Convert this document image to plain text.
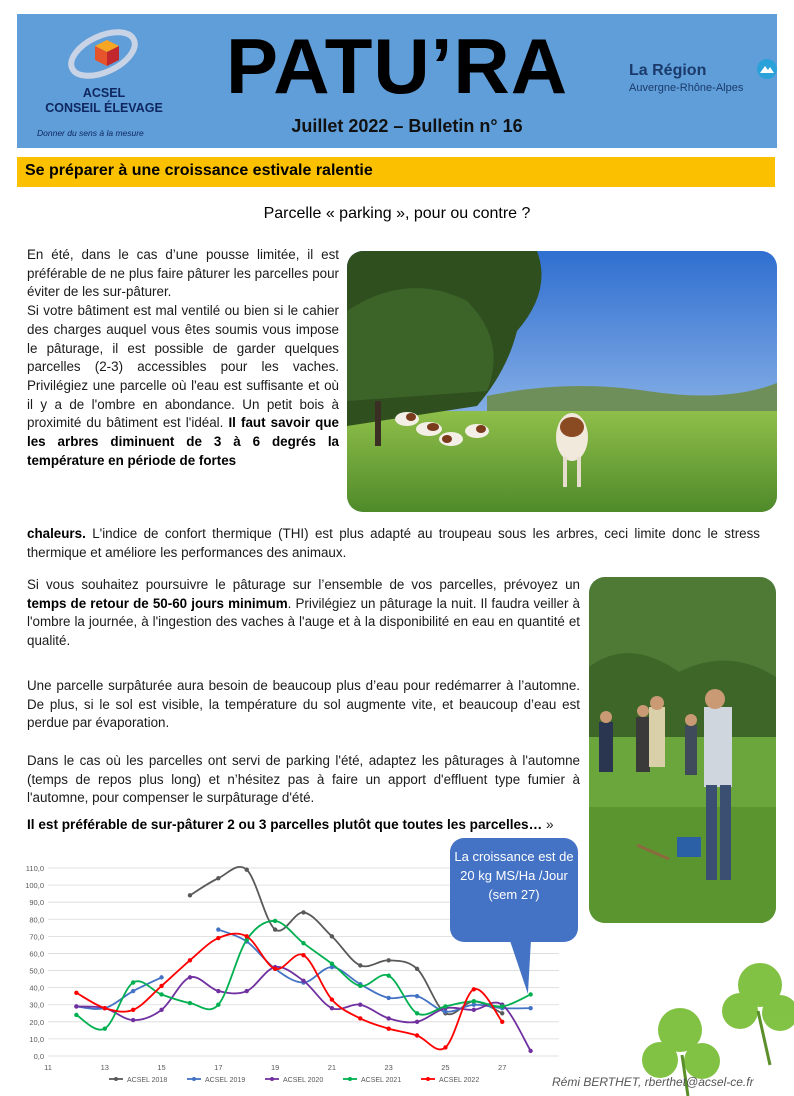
ACSEL
CONSEIL ÉLEVAGE
Donner du sens à la mesure
PATU’RA
Juillet 2022 – Bulletin n° 16
La Région
Auvergne-Rhône-Alpes
Se préparer à une croissance estivale ralentie
Parcelle « parking », pour ou contre ?
En été, dans le cas d’une pousse limitée, il est préférable de ne plus faire pâturer les parcelles pour éviter de les sur-pâturer.
Si votre bâtiment est mal ventilé ou bien si le cahier des charges auquel vous êtes soumis vous impose le pâturage, il est possible de garder quelques parcelles (2-3) accessibles pour les vaches. Privilégiez une parcelle où l'eau est suffisante et où il y a de l'ombre en abondance. Un petit bois à proximité du bâtiment est l'idéal. Il faut savoir que les arbres diminuent de 3 à 6 degrés la température en période de fortes
chaleurs. L'indice de confort thermique (THI) est plus adapté au troupeau sous les arbres, ceci limite donc le stress thermique et améliore les performances des animaux.
Si vous souhaitez poursuivre le pâturage sur l’ensemble de vos parcelles, prévoyez un temps de retour de 50-60 jours minimum. Privilégiez un pâturage la nuit. Il faudra veiller à l'ombre la journée, à l'ingestion des vaches à l'auge et à la disponibilité en eau en quantité et qualité.
Une parcelle surpâturée aura besoin de beaucoup plus d’eau pour redémarrer à l’automne. De plus, si le sol est visible, la température du sol augmente vite, et beaucoup d’eau est perdue par évaporation.
Dans le cas où les parcelles ont servi de parking l'été, adaptez les pâturages à l'automne (temps de repos plus long) et n’hésitez pas à faire un apport d'effluent type fumier à l'automne, pour compenser le surpâturage d'été.
Il est préférable de sur-pâturer 2 ou 3 parcelles plutôt que toutes les parcelles… »
0,0
10,0
20,0
30,0
40,0
50,0
60,0
70,0
80,0
90,0
100,0
110,0
11	13	15	17	19	21	23	25	27
ACSEL 2018	ACSEL 2019	ACSEL 2020	ACSEL 2021	ACSEL 2022
La croissance est de 20 kg MS/Ha /Jour (sem 27)
Rémi BERTHET, rberthet@acsel-ce.fr
